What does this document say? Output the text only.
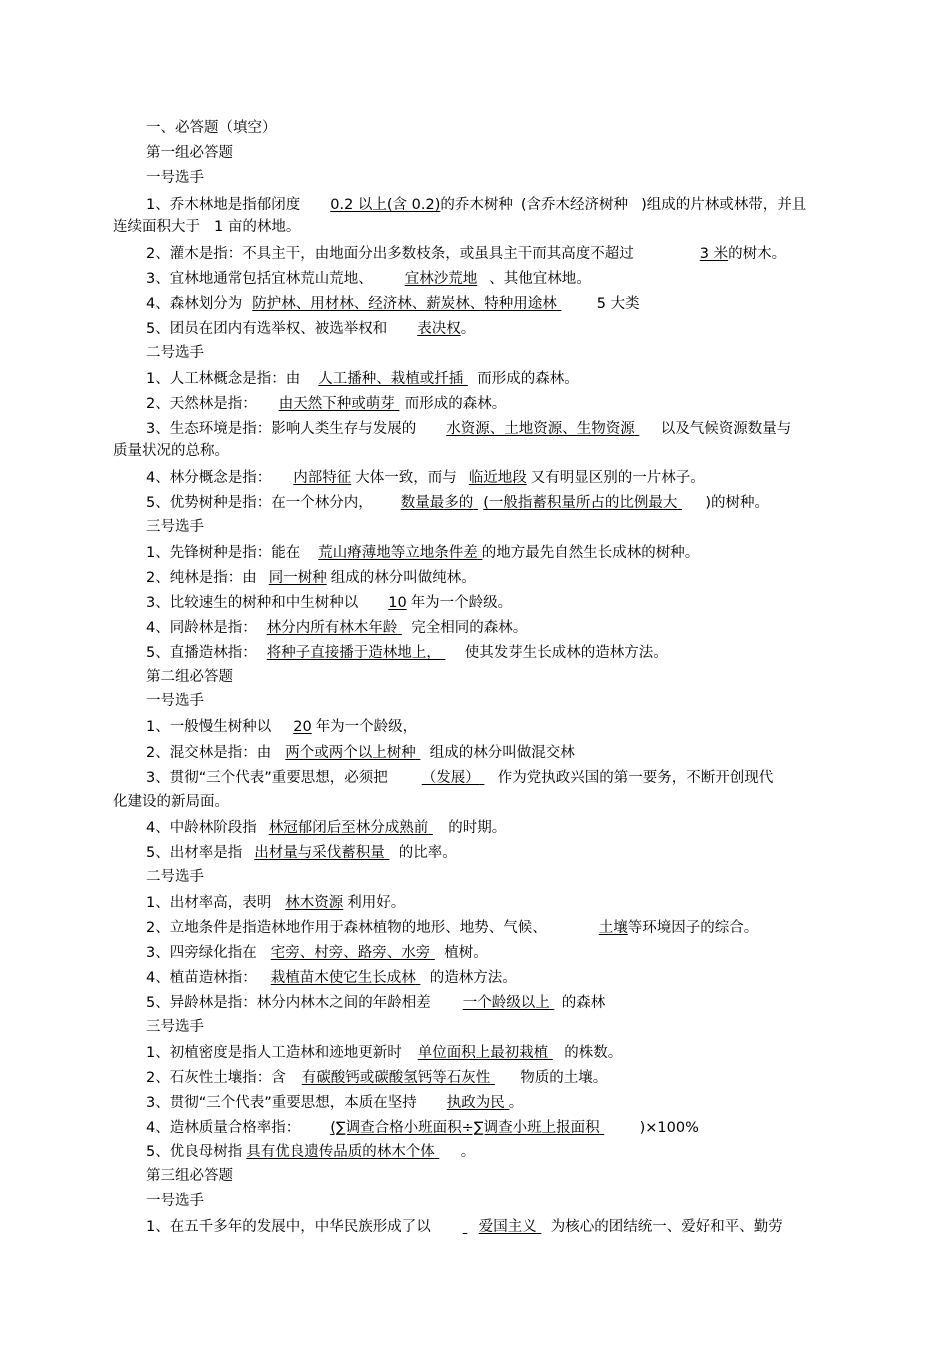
一、必答题（填空）
第一组必答题
一号选手
1、乔木林地是指郁闭度 0.2 以上(含 0.2)的乔木树种 (含乔木经济树种 )组成的片林或林带，并且
连续面积大于 1 亩的林地。
2、灌木是指：不具主干，由地面分出多数枝条，或虽具主干而其高度不超过	3 米的树木。
3、宜林地通常包括宜林荒山荒地、 宜林沙荒地 、其他宜林地。
4、森林划分为 防护林、用材林、经济林、薪炭林、特种用途林	5 大类
5、团员在团内有选举权、被选举权和 表决权。
二号选手
1、人工林概念是指：由 人工播种、栽植或扦插 而形成的森林。
2、天然林是指： 由天然下种或萌芽 而形成的森林。
3、生态环境是指：影响人类生存与发展的 水资源、土地资源、生物资源 以及气候资源数量与
质量状况的总称。
4、林分概念是指： 内部特征 大体一致，而与 临近地段 又有明显区别的一片林子。
5、优势树种是指：在一个林分内， 数量最多的 (一般指蓄积量所占的比例最大 )的树种。
三号选手
1、先锋树种是指：能在 荒山瘠薄地等立地条件差 的地方最先自然生长成林的树种。
2、纯林是指：由 同一树种 组成的林分叫做纯林。
3、比较速生的树种和中生树种以 10 年为一个龄级。
4、同龄林是指： 林分内所有林木年龄 完全相同的森林。
5、直播造林指： 将种子直接播于造林地上， 使其发芽生长成林的造林方法。
第二组必答题
一号选手
1、一般慢生树种以 20 年为一个龄级，
2、混交林是指：由 两个或两个以上树种 组成的林分叫做混交林
3、贯彻“三个代表”重要思想，必须把 （发展） 作为党执政兴国的第一要务，不断开创现代
化建设的新局面。
4、中龄林阶段指 林冠郁闭后至林分成熟前 的时期。
5、出材率是指 出材量与采伐蓄积量 的比率。
二号选手
1、出材率高，表明 林木资源 利用好。
2、立地条件是指造林地作用于森林植物的地形、地势、气候、	土壤等环境因子的综合。
3、四旁绿化指在 宅旁、村旁、路旁、水旁 植树。
4、植苗造林指： 栽植苗木使它生长成林 的造林方法。
5、异龄林是指：林分内林木之间的年龄相差 一个龄级以上 的森林
三号选手
1、初植密度是指人工造林和迹地更新时 单位面积上最初栽植 的株数。
2、石灰性土壤指：含 有碳酸钙或碳酸氢钙等石灰性 物质的土壤。
3、贯彻“三个代表”重要思想，本质在坚持 执政为民 。
4、造林质量合格率指： (∑调查合格小班面积÷∑调查小班上报面积	)×100%
5、优良母树指 具有优良遗传品质的林木个体 。
第三组必答题
一号选手
1、在五千多年的发展中，中华民族形成了以	爱国主义 为核心的团结统一、爱好和平、勤劳
